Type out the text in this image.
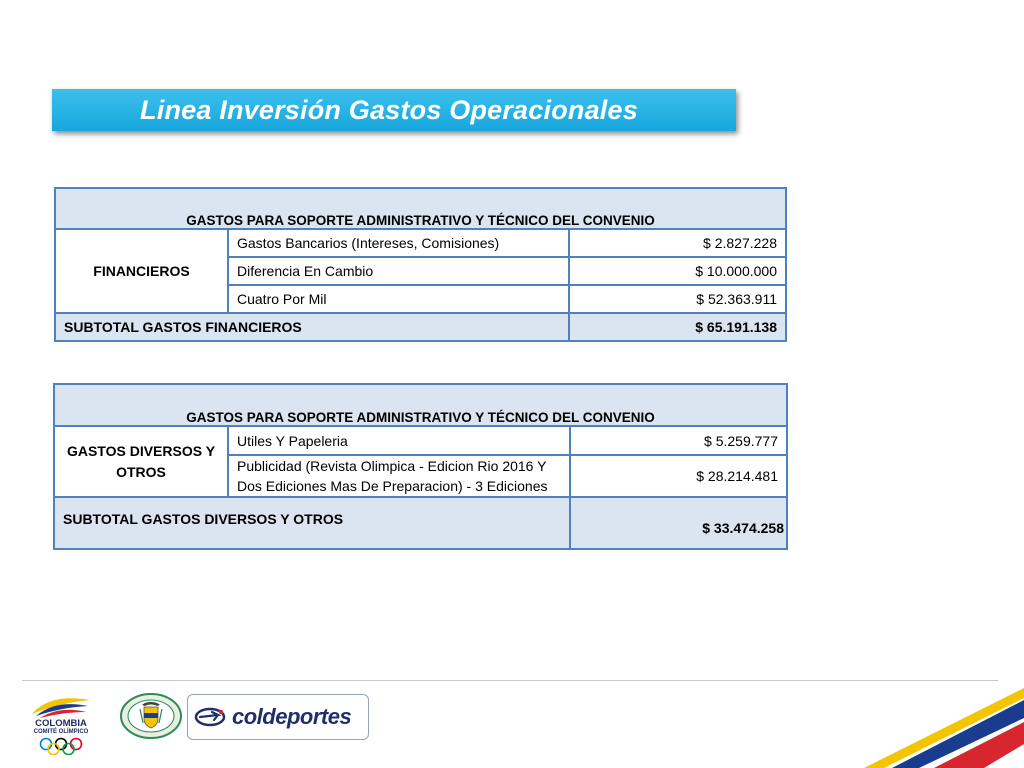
Linea Inversión Gastos Operacionales
GASTOS PARA SOPORTE ADMINISTRATIVO Y TÉCNICO DEL CONVENIO		
FINANCIEROS	Gastos Bancarios (Intereses, Comisiones)	$ 2.827.228
	Diferencia En Cambio	$ 10.000.000
	Cuatro Por Mil	$ 52.363.911
SUBTOTAL GASTOS FINANCIEROS		$ 65.191.138
GASTOS PARA SOPORTE ADMINISTRATIVO Y TÉCNICO DEL CONVENIO		
GASTOS DIVERSOS Y OTROS	Utiles Y Papeleria	$ 5.259.777
	Publicidad (Revista Olimpica - Edicion Rio 2016 Y Dos Ediciones Mas De Preparacion) - 3 Ediciones	$ 28.214.481
SUBTOTAL GASTOS DIVERSOS Y OTROS		$ 33.474.258
COLOMBIA
COMITÉ OLÍMPICO
coldeportes
